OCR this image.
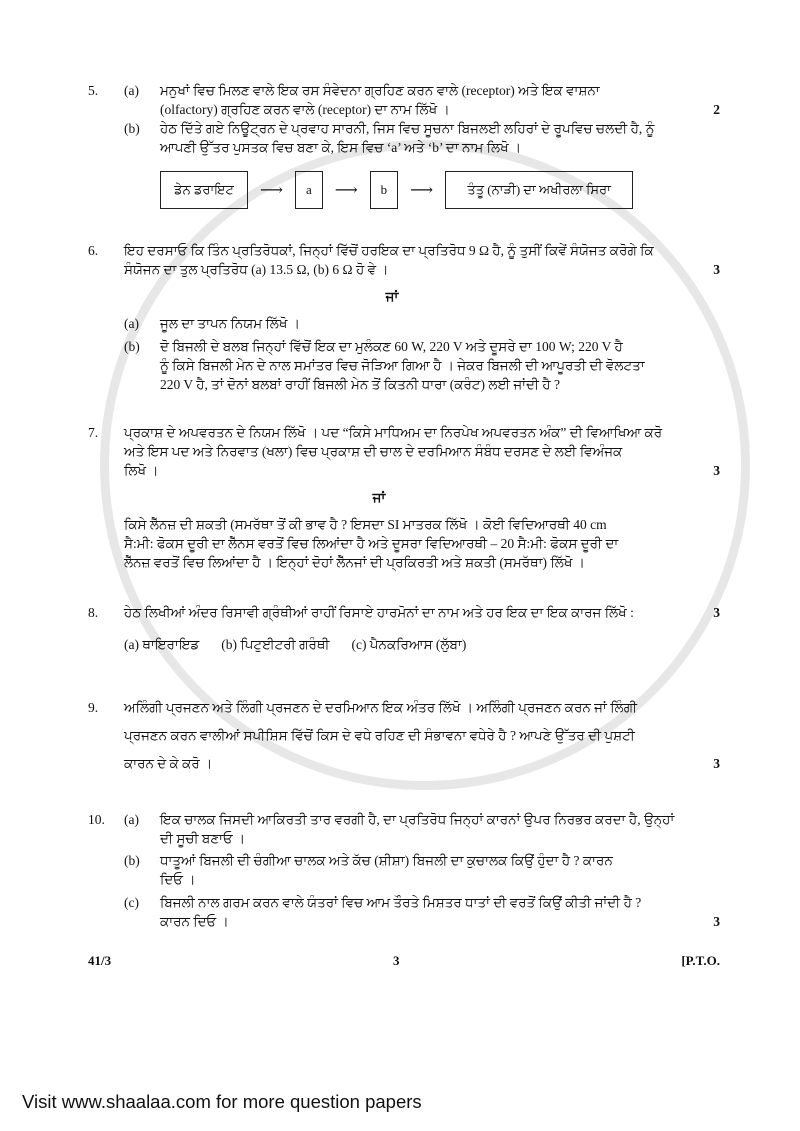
5.	(a)	ਮਨੁਖਾਂ ਵਿਚ ਮਿਲਣ ਵਾਲੇ ਇਕ ਰਸ ਸੰਵੇਦਨਾ ਗ੍ਰਹਿਣ ਕਰਨ ਵਾਲੇ (receptor) ਅਤੇ ਇਕ ਵਾਸ਼ਨਾ
(olfactory) ਗ੍ਰਹਿਣ ਕਰਨ ਵਾਲੇ (receptor) ਦਾ ਨਾਮ ਲਿੱਖੋ ।	2
(b)	ਹੇਠ ਦਿੱਤੇ ਗਏ ਨਿਊਟ੍ਰਨ ਦੇ ਪ੍ਰਵਾਹ ਸਾਰਨੀ, ਜਿਸ ਵਿਚ ਸੂਚਨਾ ਬਿਜਲਈ ਲਹਿਰਾਂ ਦੇ ਰੂਪਵਿਚ ਚਲਦੀ ਹੈ, ਨੂੰ
ਆਪਣੀ ਉੱਤਰ ਪੁਸਤਕ ਵਿਚ ਬਣਾ ਕੇ, ਇਸ ਵਿਚ ‘a’ ਅਤੇ ‘b’ ਦਾ ਨਾਮ ਲਿਖੋ ।
ਡੇਨ ਡਰਾਇਟ	⟶	a	⟶	b	⟶	ਤੰਤੂ (ਨਾੜੀ) ਦਾ ਅਖੀਰਲਾ ਸਿਰਾ
6.	ਇਹ ਦਰਸਾਓ ਕਿ ਤਿੰਨ ਪ੍ਰਤਿਰੋਧਕਾਂ, ਜਿਨ੍ਹਾਂ ਵਿੱਚੋਂ ਹਰਇਕ ਦਾ ਪ੍ਰਤਿਰੋਧ 9 Ω ਹੈ, ਨੂੰ ਤੁਸੀਂ ਕਿਵੇਂ ਸੰਯੋਜਤ ਕਰੋਗੇ ਕਿ
ਸੰਯੋਜਨ ਦਾ ਤੁਲ ਪ੍ਰਤਿਰੋਧ (a) 13.5 Ω, (b) 6 Ω ਹੋ ਵੇ ।	3
ਜਾਂ
(a)	ਜੂਲ ਦਾ ਤਾਪਨ ਨਿਯਮ ਲਿੱਖੋ ।
(b)	ਦੋ ਬਿਜਲੀ ਦੇ ਬਲਬ ਜਿਨ੍ਹਾਂ ਵਿੱਚੋਂ ਇਕ ਦਾ ਮੁਲੰਕਣ 60 W, 220 V ਅਤੇ ਦੂਸਰੇ ਦਾ 100 W; 220 V ਹੈ
ਨੂੰ ਕਿਸੇ ਬਿਜਲੀ ਮੇਨ ਦੇ ਨਾਲ ਸਮਾਂਤਰ ਵਿਚ ਜੋੜਿਆ ਗਿਆ ਹੈ । ਜੇਕਰ ਬਿਜਲੀ ਦੀ ਆਪੂਰਤੀ ਦੀ ਵੋਲਟਤਾ
220 V ਹੈ, ਤਾਂ ਦੋਨਾਂ ਬਲਬਾਂ ਰਾਹੀਂ ਬਿਜਲੀ ਮੇਨ ਤੋਂ ਕਿਤਨੀ ਧਾਰਾ (ਕਰੰਟ) ਲਈ ਜਾਂਦੀ ਹੈ ?
7.	ਪ੍ਰਕਾਸ਼ ਦੇ ਅਪਵਰਤਨ ਦੇ ਨਿਯਮ ਲਿੱਖੋ । ਪਦ “ਕਿਸੇ ਮਾਧਿਅਮ ਦਾ ਨਿਰਪੇਖ ਅਪਵਰਤਨ ਅੰਕ” ਦੀ ਵਿਆਖਿਆ ਕਰੋ
ਅਤੇ ਇਸ ਪਦ ਅਤੇ ਨਿਰਵਾਤ (ਖਲਾ) ਵਿਚ ਪ੍ਰਕਾਸ਼ ਦੀ ਚਾਲ ਦੇ ਦਰਮਿਆਨ ਸੰਬੰਧ ਦਰਸਣ ਦੇ ਲਈ ਵਿਅੰਜਕ
ਲਿਖੋ ।	3
ਜਾਂ
ਕਿਸੇ ਲੈੱਨਜ਼ ਦੀ ਸ਼ਕਤੀ (ਸਮਰੱਥਾ ਤੋਂ ਕੀ ਭਾਵ ਹੈ ? ਇਸਦਾ SI ਮਾਤਰਕ ਲਿੱਖੋ । ਕੋਈ ਵਿਦਿਆਰਥੀ 40 cm
ਸੈ:ਮੀ: ਫੋਕਸ ਦੂਰੀ ਦਾ ਲੈੱਨਸ ਵਰਤੋਂ ਵਿਚ ਲਿਆਂਦਾ ਹੈ ਅਤੇ ਦੂਸਰਾ ਵਿਦਿਆਰਥੀ – 20 ਸੈ:ਮੀ: ਫੋਕਸ ਦੂਰੀ ਦਾ
ਲੈੱਨਜ਼ ਵਰਤੋਂ ਵਿਚ ਲਿਆਂਦਾ ਹੈ । ਇਨ੍ਹਾਂ ਦੋਹਾਂ ਲੈੱਨਜਾਂ ਦੀ ਪ੍ਰਕਿਰਤੀ ਅਤੇ ਸ਼ਕਤੀ (ਸਮਰੱਥਾ) ਲਿੱਖੋ ।
8.	ਹੇਠ ਲਿਖੀਆਂ ਅੰਦਰ ਰਿਸਾਵੀ ਗ੍ਰੰਥੀਆਂ ਰਾਹੀਂ ਰਿਸਾਏ ਹਾਰਮੋਨਾਂ ਦਾ ਨਾਮ ਅਤੇ ਹਰ ਇਕ ਦਾ ਇਕ ਕਾਰਜ ਲਿੱਖੋ :	3
(a) ਥਾਇਰਾਇਡ (b) ਪਿਟੁਈਟਰੀ ਗਰੰਥੀ (c) ਪੈਨਕਰਿਆਸ (ਲੁੱਬਾ)
9.	ਅਲਿੰਗੀ ਪ੍ਰਜਣਨ ਅਤੇ ਲਿੰਗੀ ਪ੍ਰਜਣਨ ਦੇ ਦਰਮਿਆਨ ਇਕ ਅੰਤਰ ਲਿੱਖੋ । ਅਲਿੰਗੀ ਪ੍ਰਜਣਨ ਕਰਨ ਜਾਂ ਲਿੰਗੀ
ਪ੍ਰਜਣਨ ਕਰਨ ਵਾਲੀਆਂ ਸਪੀਸ਼ਿਸ ਵਿੱਚੋਂ ਕਿਸ ਦੇ ਵਧੇ ਰਹਿਣ ਦੀ ਸੰਭਾਵਨਾ ਵਧੇਰੇ ਹੈ ? ਆਪਣੇ ਉੱਤਰ ਦੀ ਪੁਸ਼ਟੀ
ਕਾਰਨ ਦੇ ਕੇ ਕਰੋ ।	3
10.	(a)	ਇਕ ਚਾਲਕ ਜਿਸਦੀ ਆਕਿਰਤੀ ਤਾਰ ਵਰਗੀ ਹੈ, ਦਾ ਪ੍ਰਤਿਰੋਧ ਜਿਨ੍ਹਾਂ ਕਾਰਨਾਂ ਉਪਰ ਨਿਰਭਰ ਕਰਦਾ ਹੈ, ਉਨ੍ਹਾਂ
ਦੀ ਸੂਚੀ ਬਣਾਓ ।
(b)	ਧਾਤੂਆਂ ਬਿਜਲੀ ਦੀ ਚੰਗੀਆ ਚਾਲਕ ਅਤੇ ਕੱਚ (ਸ਼ੀਸ਼ਾ) ਬਿਜਲੀ ਦਾ ਕੁਚਾਲਕ ਕਿਉਂ ਹੁੰਦਾ ਹੈ ? ਕਾਰਨ
ਦਿਓ ।
(c)	ਬਿਜਲੀ ਨਾਲ ਗਰਮ ਕਰਨ ਵਾਲੇ ਯੰਤਰਾਂ ਵਿਚ ਆਮ ਤੌਰਤੇ ਮਿਸ਼ਤਰ ਧਾਤਾਂ ਦੀ ਵਰਤੋਂ ਕਿਉਂ ਕੀਤੀ ਜਾਂਦੀ ਹੈ ?
ਕਾਰਨ ਦਿਓ ।	3
41/3	3	[P.T.O.
Visit www.shaalaa.com for more question papers
